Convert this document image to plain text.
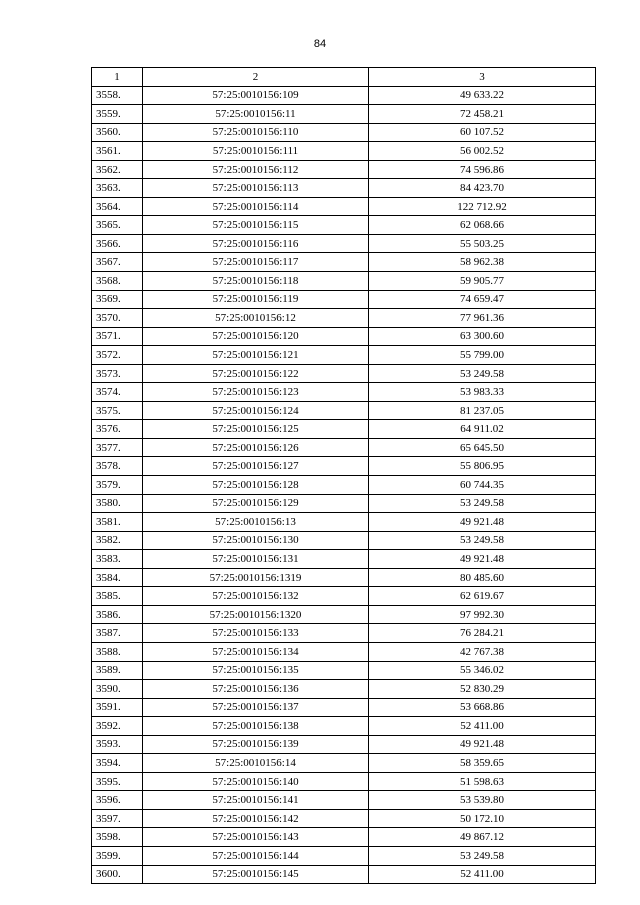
84
1	2	3
3558.	57:25:0010156:109	49 633.22
3559.	57:25:0010156:11	72 458.21
3560.	57:25:0010156:110	60 107.52
3561.	57:25:0010156:111	56 002.52
3562.	57:25:0010156:112	74 596.86
3563.	57:25:0010156:113	84 423.70
3564.	57:25:0010156:114	122 712.92
3565.	57:25:0010156:115	62 068.66
3566.	57:25:0010156:116	55 503.25
3567.	57:25:0010156:117	58 962.38
3568.	57:25:0010156:118	59 905.77
3569.	57:25:0010156:119	74 659.47
3570.	57:25:0010156:12	77 961.36
3571.	57:25:0010156:120	63 300.60
3572.	57:25:0010156:121	55 799.00
3573.	57:25:0010156:122	53 249.58
3574.	57:25:0010156:123	53 983.33
3575.	57:25:0010156:124	81 237.05
3576.	57:25:0010156:125	64 911.02
3577.	57:25:0010156:126	65 645.50
3578.	57:25:0010156:127	55 806.95
3579.	57:25:0010156:128	60 744.35
3580.	57:25:0010156:129	53 249.58
3581.	57:25:0010156:13	49 921.48
3582.	57:25:0010156:130	53 249.58
3583.	57:25:0010156:131	49 921.48
3584.	57:25:0010156:1319	80 485.60
3585.	57:25:0010156:132	62 619.67
3586.	57:25:0010156:1320	97 992.30
3587.	57:25:0010156:133	76 284.21
3588.	57:25:0010156:134	42 767.38
3589.	57:25:0010156:135	55 346.02
3590.	57:25:0010156:136	52 830.29
3591.	57:25:0010156:137	53 668.86
3592.	57:25:0010156:138	52 411.00
3593.	57:25:0010156:139	49 921.48
3594.	57:25:0010156:14	58 359.65
3595.	57:25:0010156:140	51 598.63
3596.	57:25:0010156:141	53 539.80
3597.	57:25:0010156:142	50 172.10
3598.	57:25:0010156:143	49 867.12
3599.	57:25:0010156:144	53 249.58
3600.	57:25:0010156:145	52 411.00
